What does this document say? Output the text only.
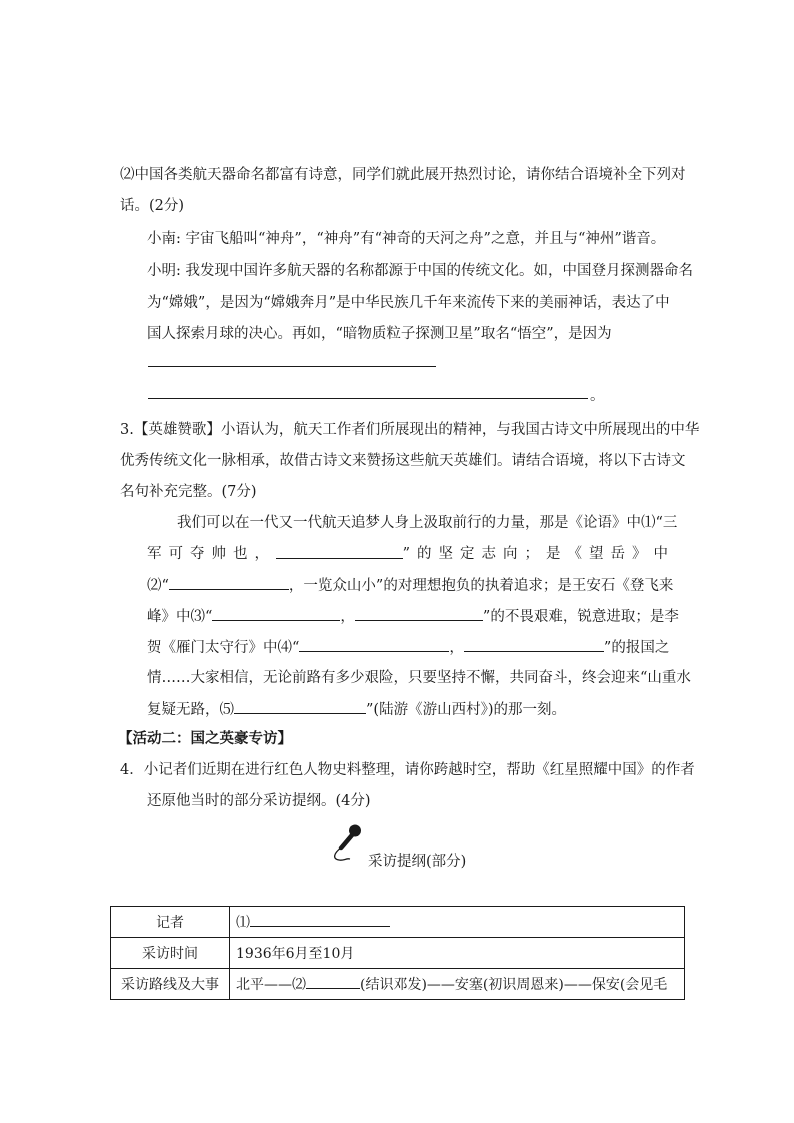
⑵中国各类航天器命名都富有诗意，同学们就此展开热烈讨论，请你结合语境补全下列对
话。(2分)
小南: 宇宙飞船叫“神舟”，“神舟”有“神奇的天河之舟”之意，并且与“神州”谐音。
小明: 我发现中国许多航天器的名称都源于中国的传统文化。如，中国登月探测器命名
为“嫦娥”，是因为“嫦娥奔月”是中华民族几千年来流传下来的美丽神话，表达了中
国人探索月球的决心。再如，“暗物质粒子探测卫星”取名“悟空”，是因为
。
3.【英雄赞歌】小语认为，航天工作者们所展现出的精神，与我国古诗文中所展现出的中华
优秀传统文化一脉相承，故借古诗文来赞扬这些航天英雄们。请结合语境，将以下古诗文
名句补充完整。(7分)
我们可以在一代又一代航天追梦人身上汲取前行的力量，那是《论语》中⑴“三
军可夺帅也，	”的坚定志向；是《望岳》中
⑵“	，一览众山小”的对理想抱负的执着追求；是王安石《登飞来
峰》中⑶“	，	”的不畏艰难，锐意进取；是李
贺《雁门太守行》中⑷“	，	”的报国之
情……大家相信，无论前路有多少艰险，只要坚持不懈，共同奋斗，终会迎来“山重水
复疑无路，⑸	”(陆游《游山西村》)的那一刻。
【活动二：国之英豪专访】
4．小记者们近期在进行红色人物史料整理，请你跨越时空，帮助《红星照耀中国》的作者
还原他当时的部分采访提纲。(4分)
采访提纲(部分)
记者	⑴
采访时间	1936年6月至10月
采访路线及大事	北平——⑵ (结识邓发)——安塞(初识周恩来)——保安(会见毛
